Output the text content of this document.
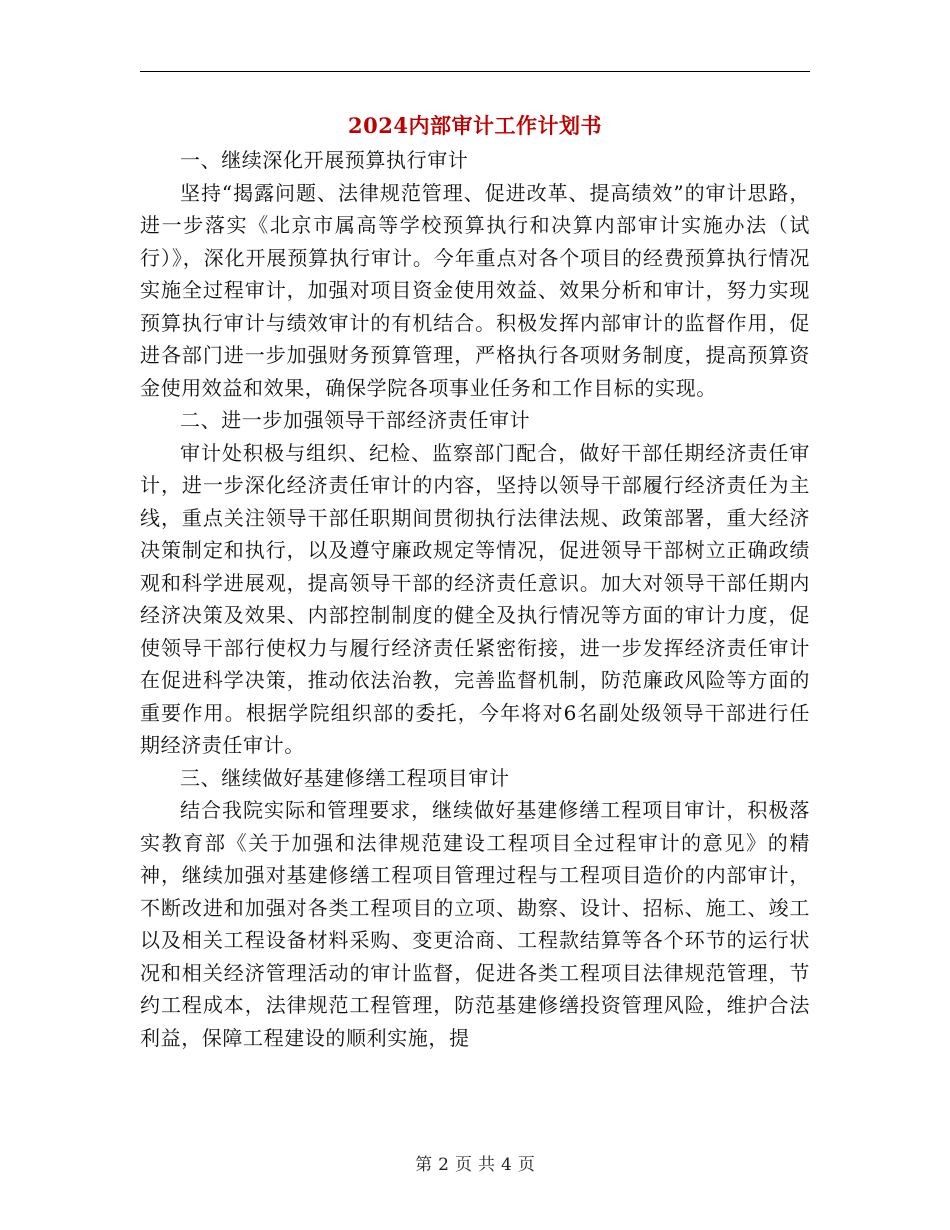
2024内部审计工作计划书

一、继续深化开展预算执行审计

坚持“揭露问题、法律规范管理、促进改革、提高绩效”的审计思路，进一步落实《北京市属高等学校预算执行和决算内部审计实施办法（试行）》，深化开展预算执行审计。今年重点对各个项目的经费预算执行情况实施全过程审计，加强对项目资金使用效益、效果分析和审计，努力实现预算执行审计与绩效审计的有机结合。积极发挥内部审计的监督作用，促进各部门进一步加强财务预算管理，严格执行各项财务制度，提高预算资金使用效益和效果，确保学院各项事业任务和工作目标的实现。

二、进一步加强领导干部经济责任审计

审计处积极与组织、纪检、监察部门配合，做好干部任期经济责任审计，进一步深化经济责任审计的内容，坚持以领导干部履行经济责任为主线，重点关注领导干部任职期间贯彻执行法律法规、政策部署，重大经济决策制定和执行，以及遵守廉政规定等情况，促进领导干部树立正确政绩观和科学进展观，提高领导干部的经济责任意识。加大对领导干部任期内经济决策及效果、内部控制制度的健全及执行情况等方面的审计力度，促使领导干部行使权力与履行经济责任紧密衔接，进一步发挥经济责任审计在促进科学决策，推动依法治教，完善监督机制，防范廉政风险等方面的重要作用。根据学院组织部的委托，今年将对6名副处级领导干部进行任期经济责任审计。

三、继续做好基建修缮工程项目审计

结合我院实际和管理要求，继续做好基建修缮工程项目审计，积极落实教育部《关于加强和法律规范建设工程项目全过程审计的意见》的精神，继续加强对基建修缮工程项目管理过程与工程项目造价的内部审计，不断改进和加强对各类工程项目的立项、勘察、设计、招标、施工、竣工以及相关工程设备材料采购、变更洽商、工程款结算等各个环节的运行状况和相关经济管理活动的审计监督，促进各类工程项目法律规范管理，节约工程成本，法律规范工程管理，防范基建修缮投资管理风险，维护合法利益，保障工程建设的顺利实施，提

第 2 页 共 4 页
